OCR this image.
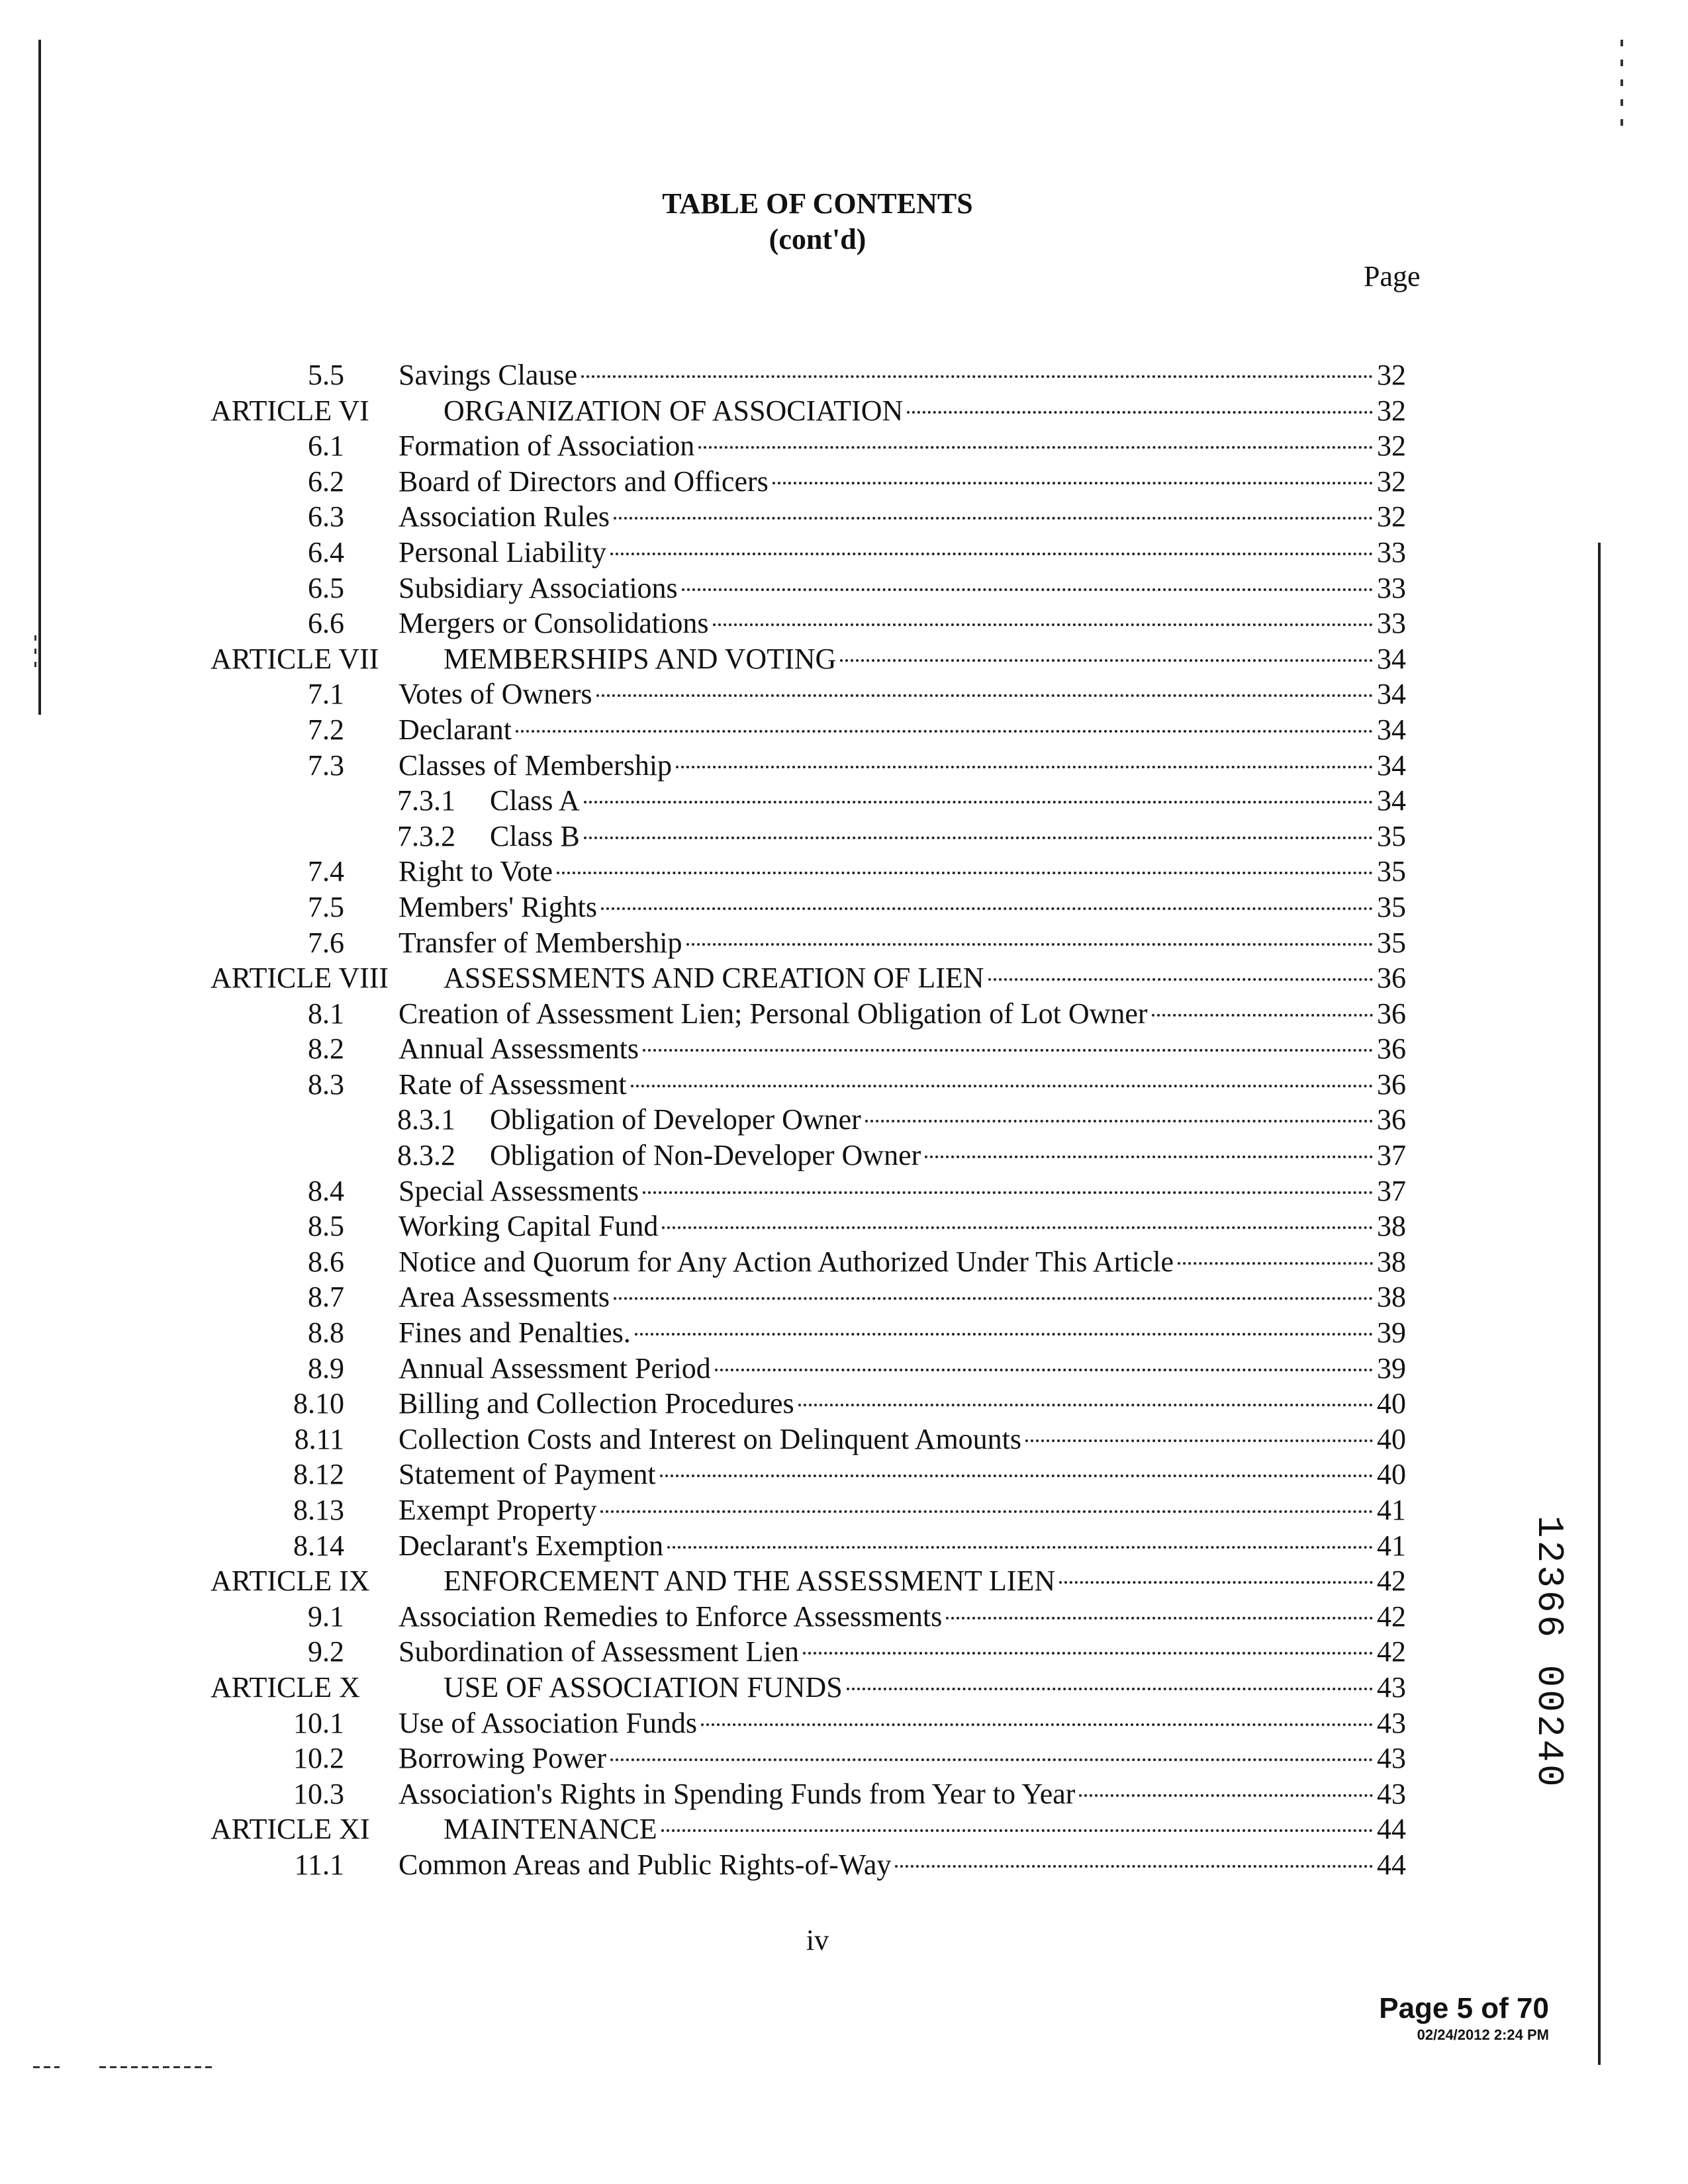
TABLE OF CONTENTS
(cont'd)
Page
5.5 Savings Clause	32
ARTICLE VI	ORGANIZATION OF ASSOCIATION	32
6.1 Formation of Association	32
6.2 Board of Directors and Officers	32
6.3 Association Rules	32
6.4 Personal Liability	33
6.5 Subsidiary Associations	33
6.6 Mergers or Consolidations	33
ARTICLE VII MEMBERSHIPS AND VOTING	34
7.1 Votes of Owners	34
7.2 Declarant	34
7.3 Classes of Membership	34
7.3.1 Class A	34
7.3.2 Class B	35
7.4 Right to Vote	35
7.5 Members' Rights	35
7.6 Transfer of Membership	35
ARTICLE VIII ASSESSMENTS AND CREATION OF LIEN	36
8.1 Creation of Assessment Lien; Personal Obligation of Lot Owner	36
8.2 Annual Assessments	36
8.3 Rate of Assessment	36
8.3.1 Obligation of Developer Owner	36
8.3.2 Obligation of Non-Developer Owner	37
8.4 Special Assessments	37
8.5 Working Capital Fund	38
8.6 Notice and Quorum for Any Action Authorized Under This Article	38
8.7 Area Assessments	38
8.8 Fines and Penalties.	39
8.9 Annual Assessment Period	39
8.10 Billing and Collection Procedures	40
8.11 Collection Costs and Interest on Delinquent Amounts	40
8.12 Statement of Payment	40
8.13 Exempt Property	41
8.14 Declarant's Exemption	41
ARTICLE IX	ENFORCEMENT AND THE ASSESSMENT LIEN	42
9.1 Association Remedies to Enforce Assessments	42
9.2 Subordination of Assessment Lien	42
ARTICLE X	USE OF ASSOCIATION FUNDS	43
10.1 Use of Association Funds	43
10.2 Borrowing Power	43
10.3 Association's Rights in Spending Funds from Year to Year	43
ARTICLE XI	MAINTENANCE	44
11.1 Common Areas and Public Rights-of-Way	44
12366 00240
iv
Page 5 of 70
02/24/2012 2:24 PM
